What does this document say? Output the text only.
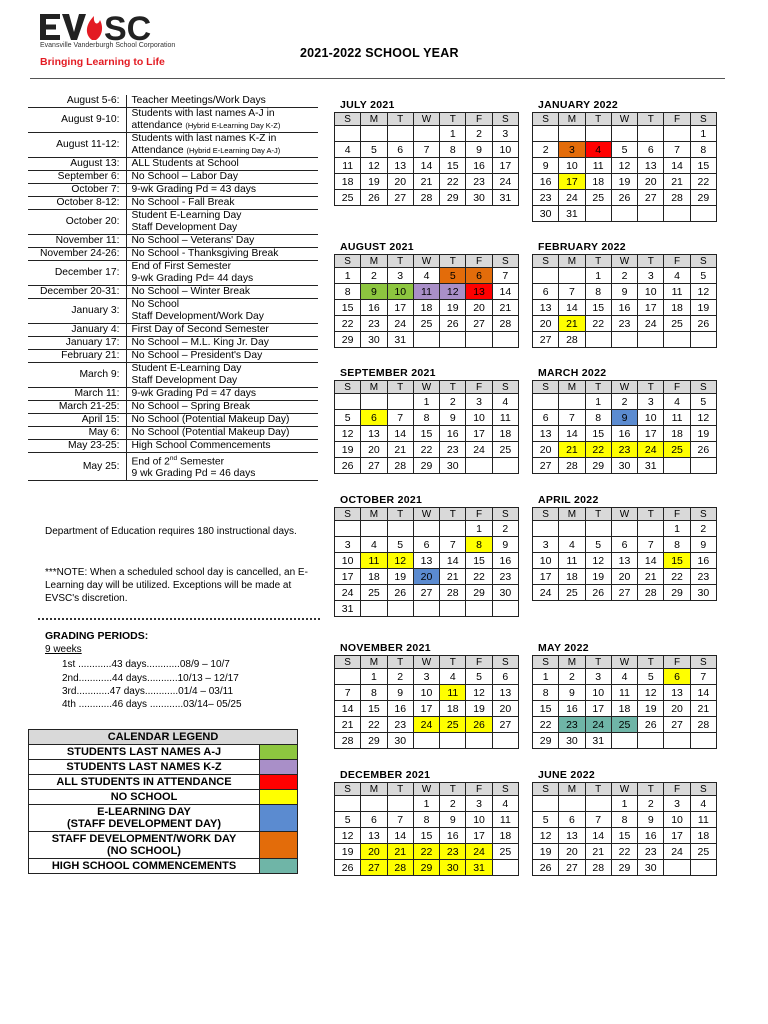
SC
Evansville Vanderburgh School Corporation
Bringing Learning to Life
2021-2022 SCHOOL YEAR
August 5-6:	Teacher Meetings/Work Days

August 9-10:	Students with last names A-J in
attendance (Hybrid E-Learning Day K-Z)

August 11-12:	Students with last names K-Z in
Attendance (Hybrid E-Learning Day A-J)

August 13:	ALL Students at School

September 6:	No School – Labor Day

October 7:	9-wk Grading Pd = 43 days

October 8-12:	No School - Fall Break

October 20:	Student E-Learning Day
Staff Development Day

November 11:	No School – Veterans' Day

November 24-26:	No School - Thanksgiving Break

December 17:	End of First Semester
9-wk Grading Pd= 44 days

December 20-31:	No School – Winter Break

January 3:	No School
Staff Development/Work Day

January 4:	First Day of Second Semester

January 17:	No School – M.L. King Jr. Day

February 21:	No School – President's Day

March 9:	Student E-Learning Day
Staff Development Day

March 11:	9-wk Grading Pd = 47 days

March 21-25:	No School – Spring Break

April 15:	No School (Potential Makeup Day)

May 6:	No School (Potential Makeup Day)

May 23-25:	High School Commencements

May 25:	End of 2nd Semester
9 wk Grading Pd = 46 days
Department of Education requires 180 instructional days.
***NOTE: When a scheduled school day is cancelled, an E-Learning day will be utilized. Exceptions will be made at EVSC's discretion.
GRADING PERIODS:
9 weeks
1st ............43 days............08/9 – 10/7
2nd............44 days...........10/13 – 12/17
3rd............47 days............01/4 – 03/11
4th ............46 days ............03/14– 05/25
CALENDAR LEGEND	
STUDENTS LAST NAMES A-J	
STUDENTS LAST NAMES K-Z	
ALL STUDENTS IN ATTENDANCE	
NO SCHOOL	
E-LEARNING DAY
(STAFF DEVELOPMENT DAY)	
STAFF DEVELOPMENT/WORK DAY
(NO SCHOOL)	
HIGH SCHOOL COMMENCEMENTS	
JULY 2021
S	M	T	W	T	F	S
				1	2	3
4	5	6	7	8	9	10
11	12	13	14	15	16	17
18	19	20	21	22	23	24
25	26	27	28	29	30	31
AUGUST 2021
S	M	T	W	T	F	S
1	2	3	4	5	6	7
8	9	10	11	12	13	14
15	16	17	18	19	20	21
22	23	24	25	26	27	28
29	30	31				
SEPTEMBER 2021
S	M	T	W	T	F	S
			1	2	3	4
5	6	7	8	9	10	11
12	13	14	15	16	17	18
19	20	21	22	23	24	25
26	27	28	29	30		
OCTOBER 2021
S	M	T	W	T	F	S
					1	2
3	4	5	6	7	8	9
10	11	12	13	14	15	16
17	18	19	20	21	22	23
24	25	26	27	28	29	30
31						
NOVEMBER 2021
S	M	T	W	T	F	S
	1	2	3	4	5	6
7	8	9	10	11	12	13
14	15	16	17	18	19	20
21	22	23	24	25	26	27
28	29	30				
DECEMBER 2021
S	M	T	W	T	F	S
			1	2	3	4
5	6	7	8	9	10	11
12	13	14	15	16	17	18
19	20	21	22	23	24	25
26	27	28	29	30	31	
JANUARY 2022
S	M	T	W	T	F	S
						1
2	3	4	5	6	7	8
9	10	11	12	13	14	15
16	17	18	19	20	21	22
23	24	25	26	27	28	29
30	31					
FEBRUARY 2022
S	M	T	W	T	F	S
		1	2	3	4	5
6	7	8	9	10	11	12
13	14	15	16	17	18	19
20	21	22	23	24	25	26
27	28					
MARCH 2022
S	M	T	W	T	F	S
		1	2	3	4	5
6	7	8	9	10	11	12
13	14	15	16	17	18	19
20	21	22	23	24	25	26
27	28	29	30	31		
APRIL 2022
S	M	T	W	T	F	S
					1	2
3	4	5	6	7	8	9
10	11	12	13	14	15	16
17	18	19	20	21	22	23
24	25	26	27	28	29	30
MAY 2022
S	M	T	W	T	F	S
1	2	3	4	5	6	7
8	9	10	11	12	13	14
15	16	17	18	19	20	21
22	23	24	25	26	27	28
29	30	31				
JUNE 2022
S	M	T	W	T	F	S
			1	2	3	4
5	6	7	8	9	10	11
12	13	14	15	16	17	18
19	20	21	22	23	24	25
26	27	28	29	30		
